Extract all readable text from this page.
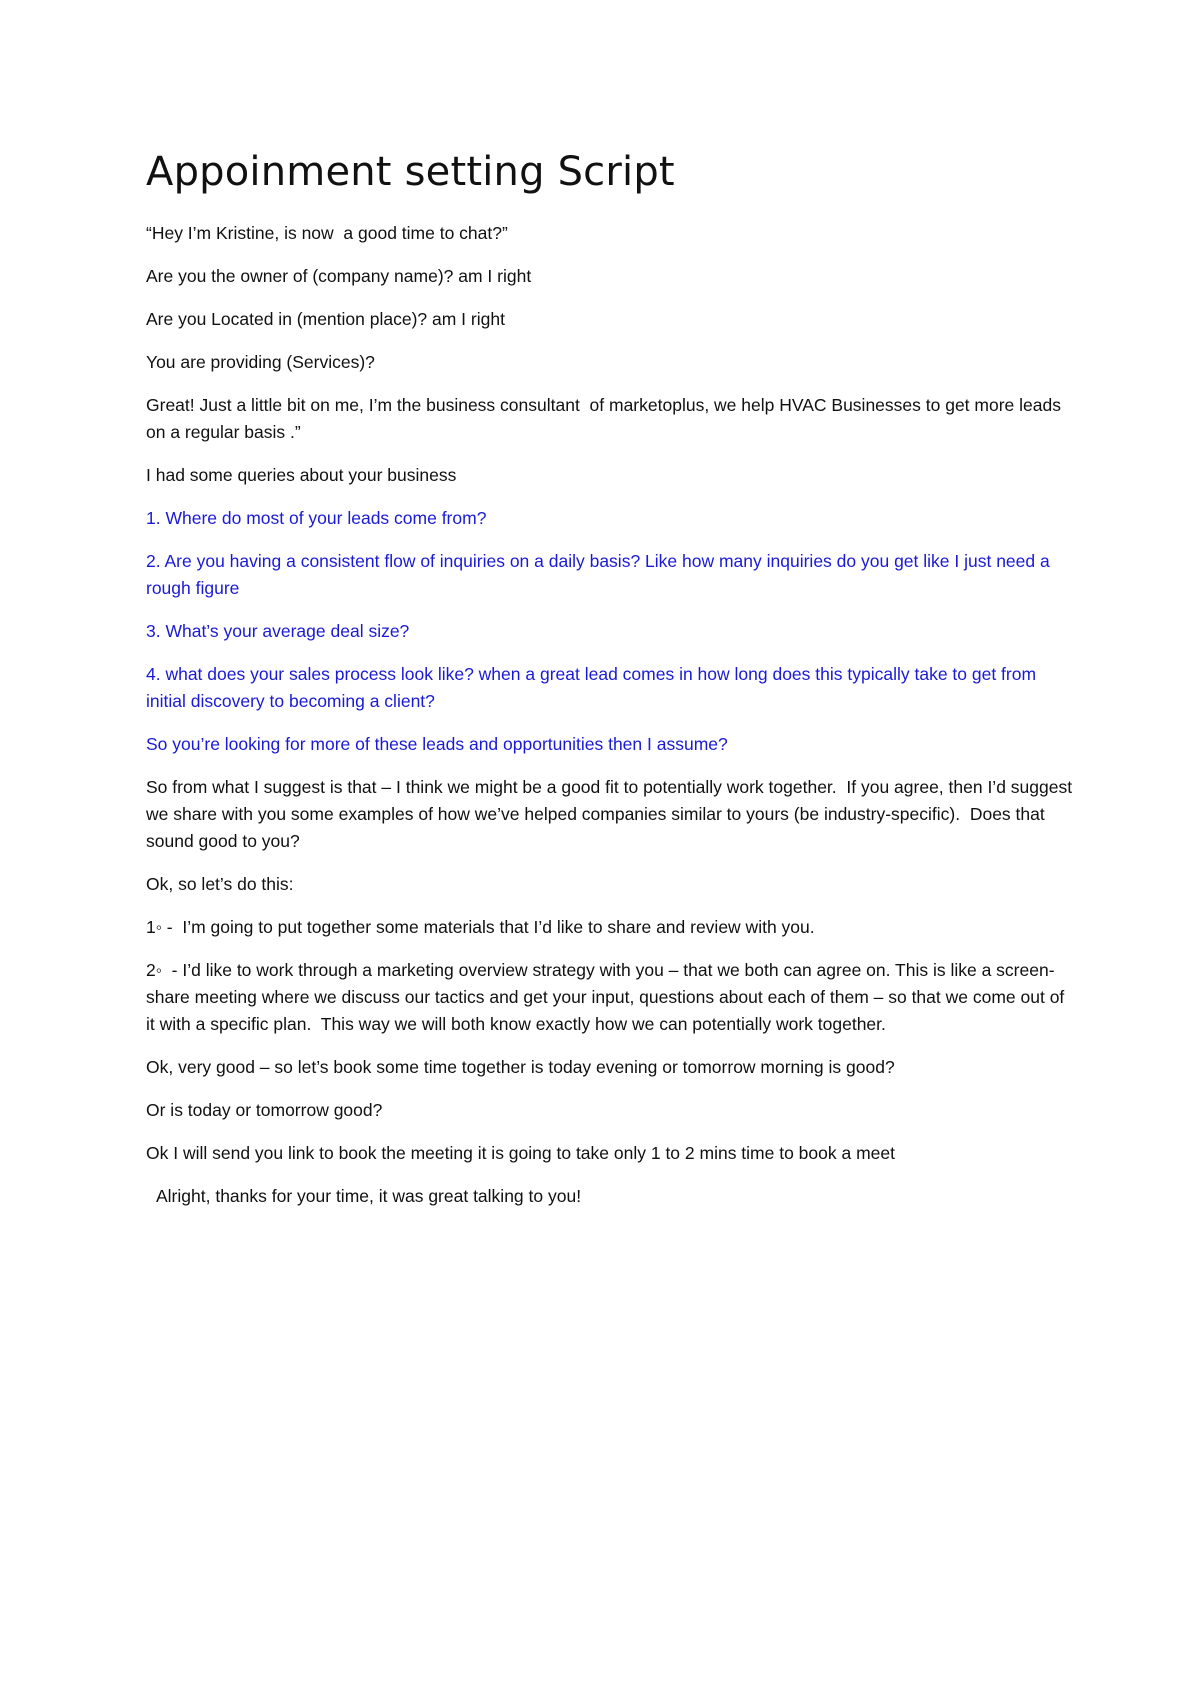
Appoinment setting Script

“Hey I’m Kristine, is now  a good time to chat?”

Are you the owner of (company name)? am I right

Are you Located in (mention place)? am I right

You are providing (Services)?

Great! Just a little bit on me, I’m the business consultant  of marketoplus, we help HVAC Businesses to get more leads on a regular basis .”

I had some queries about your business

1. Where do most of your leads come from?

2. Are you having a consistent flow of inquiries on a daily basis? Like how many inquiries do you get like I just need a rough figure

3. What’s your average deal size?

4. what does your sales process look like? when a great lead comes in how long does this typically take to get from initial discovery to becoming a client?

So you’re looking for more of these leads and opportunities then I assume?

So from what I suggest is that – I think we might be a good fit to potentially work together.  If you agree, then I’d suggest we share with you some examples of how we’ve helped companies similar to yours (be industry-specific).  Does that sound good to you?

Ok, so let’s do this:

1◦ -  I’m going to put together some materials that I’d like to share and review with you.

2◦  - I’d like to work through a marketing overview strategy with you – that we both can agree on. This is like a screen-share meeting where we discuss our tactics and get your input, questions about each of them – so that we come out of it with a specific plan.  This way we will both know exactly how we can potentially work together.

Ok, very good – so let’s book some time together is today evening or tomorrow morning is good?

Or is today or tomorrow good?

Ok I will send you link to book the meeting it is going to take only 1 to 2 mins time to book a meet

Alright, thanks for your time, it was great talking to you!
